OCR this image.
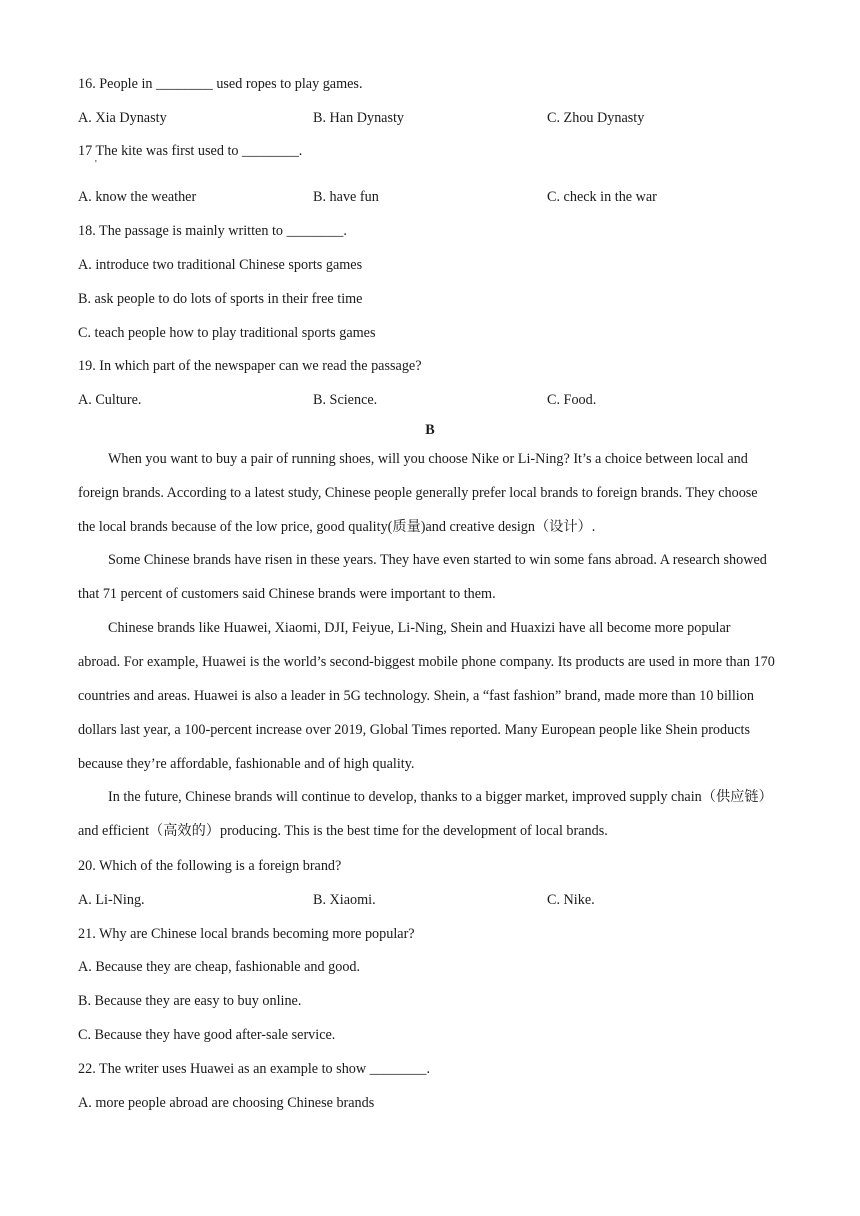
16. People in ________ used ropes to play games.
A. Xia Dynasty	B. Han Dynasty	C. Zhou Dynasty
17 The kite was first used to ________.
'
A. know the weather	B. have fun	C. check in the war
18. The passage is mainly written to ________.
A. introduce two traditional Chinese sports games
B. ask people to do lots of sports in their free time
C. teach people how to play traditional sports games
19. In which part of the newspaper can we read the passage?
A. Culture.	B. Science.	C. Food.
B
When you want to buy a pair of running shoes, will you choose Nike or Li-Ning? It’s a choice between local and foreign brands. According to a latest study, Chinese people generally prefer local brands to foreign brands. They choose the local brands because of the low price, good quality(质量)and creative design（设计）.
Some Chinese brands have risen in these years. They have even started to win some fans abroad. A research showed that 71 percent of customers said Chinese brands were important to them.
Chinese brands like Huawei, Xiaomi, DJI, Feiyue, Li-Ning, Shein and Huaxizi have all become more popular abroad. For example, Huawei is the world’s second-biggest mobile phone company. Its products are used in more than 170 countries and areas. Huawei is also a leader in 5G technology. Shein, a “fast fashion” brand, made more than 10 billion dollars last year, a 100-percent increase over 2019, Global Times reported. Many European people like Shein products because they’re affordable, fashionable and of high quality.
In the future, Chinese brands will continue to develop, thanks to a bigger market, improved supply chain（供应链）and efficient（高效的）producing. This is the best time for the development of local brands.
20. Which of the following is a foreign brand?
A. Li-Ning.	B. Xiaomi.	C. Nike.
21. Why are Chinese local brands becoming more popular?
A. Because they are cheap, fashionable and good.
B. Because they are easy to buy online.
C. Because they have good after-sale service.
22. The writer uses Huawei as an example to show ________.
A. more people abroad are choosing Chinese brands
